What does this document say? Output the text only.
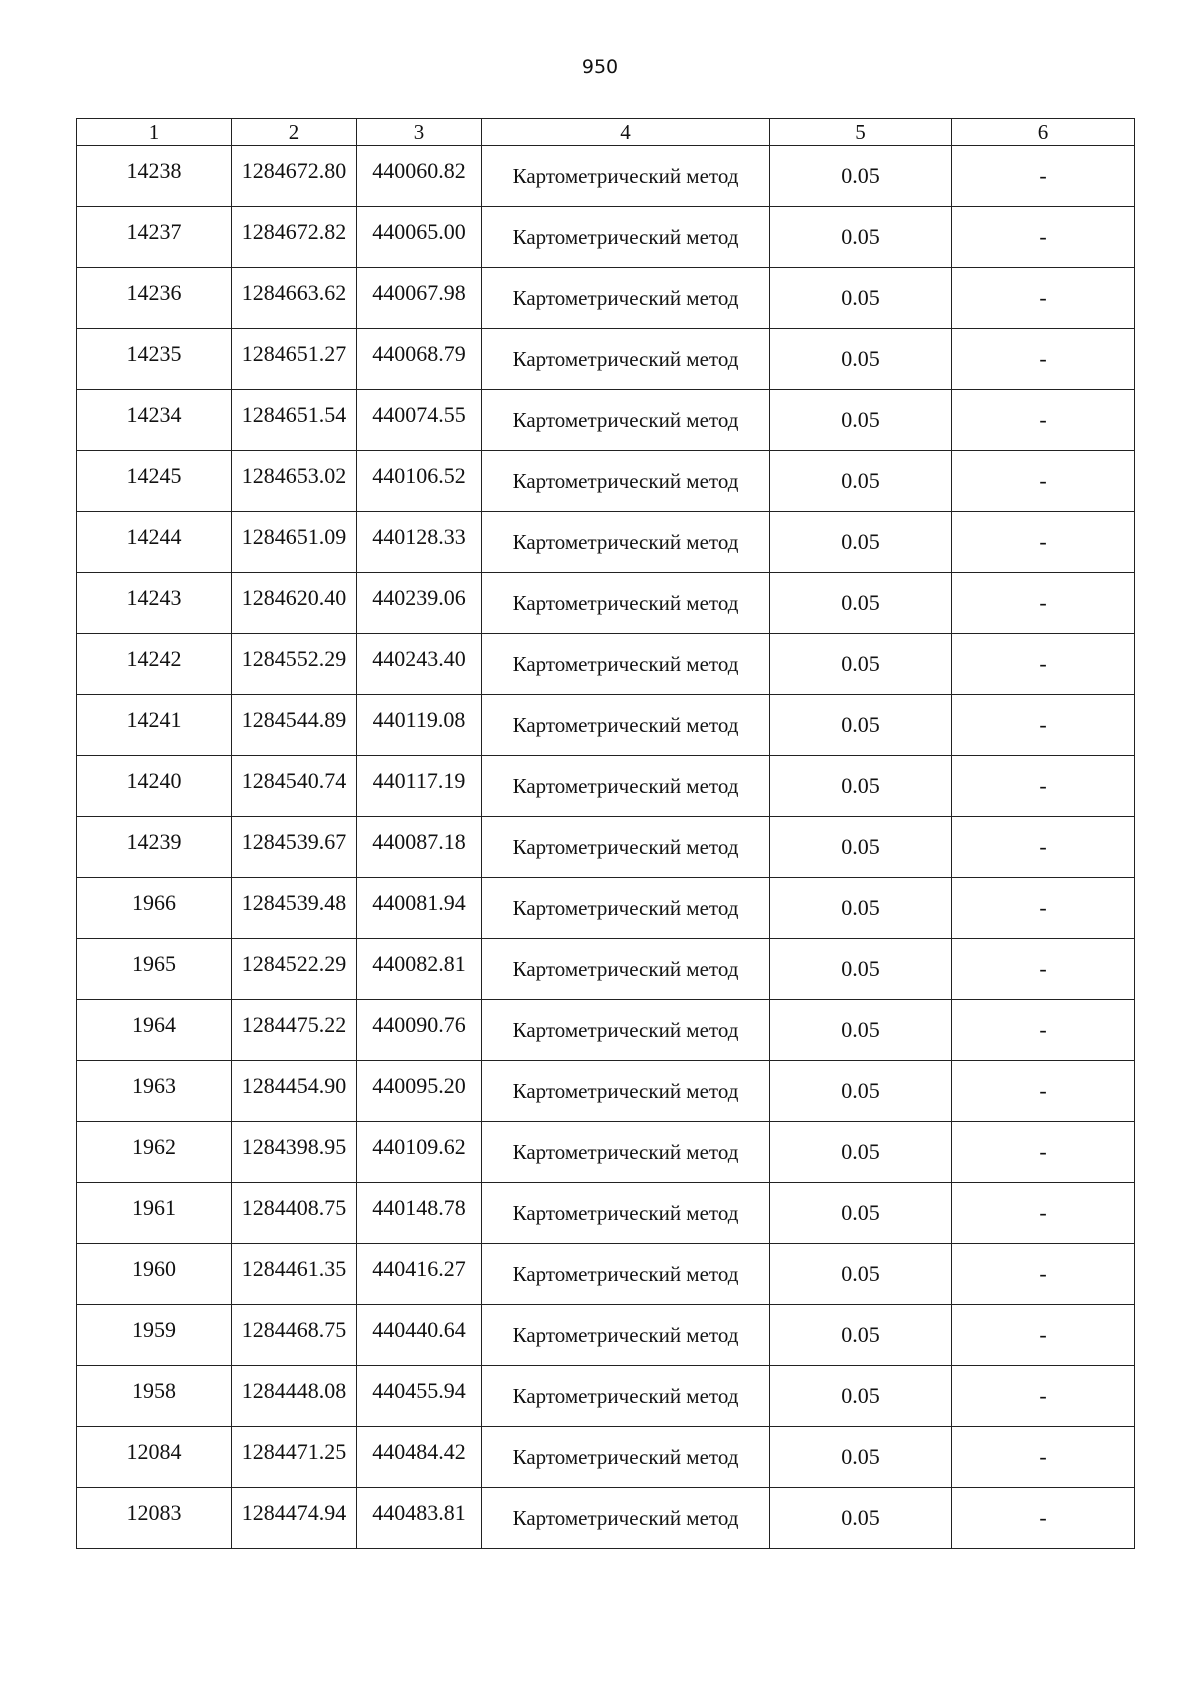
950
1	2	3	4	5	6
14238	1284672.80	440060.82	Картометрический метод	0.05	-
14237	1284672.82	440065.00	Картометрический метод	0.05	-
14236	1284663.62	440067.98	Картометрический метод	0.05	-
14235	1284651.27	440068.79	Картометрический метод	0.05	-
14234	1284651.54	440074.55	Картометрический метод	0.05	-
14245	1284653.02	440106.52	Картометрический метод	0.05	-
14244	1284651.09	440128.33	Картометрический метод	0.05	-
14243	1284620.40	440239.06	Картометрический метод	0.05	-
14242	1284552.29	440243.40	Картометрический метод	0.05	-
14241	1284544.89	440119.08	Картометрический метод	0.05	-
14240	1284540.74	440117.19	Картометрический метод	0.05	-
14239	1284539.67	440087.18	Картометрический метод	0.05	-
1966	1284539.48	440081.94	Картометрический метод	0.05	-
1965	1284522.29	440082.81	Картометрический метод	0.05	-
1964	1284475.22	440090.76	Картометрический метод	0.05	-
1963	1284454.90	440095.20	Картометрический метод	0.05	-
1962	1284398.95	440109.62	Картометрический метод	0.05	-
1961	1284408.75	440148.78	Картометрический метод	0.05	-
1960	1284461.35	440416.27	Картометрический метод	0.05	-
1959	1284468.75	440440.64	Картометрический метод	0.05	-
1958	1284448.08	440455.94	Картометрический метод	0.05	-
12084	1284471.25	440484.42	Картометрический метод	0.05	-
12083	1284474.94	440483.81	Картометрический метод	0.05	-
